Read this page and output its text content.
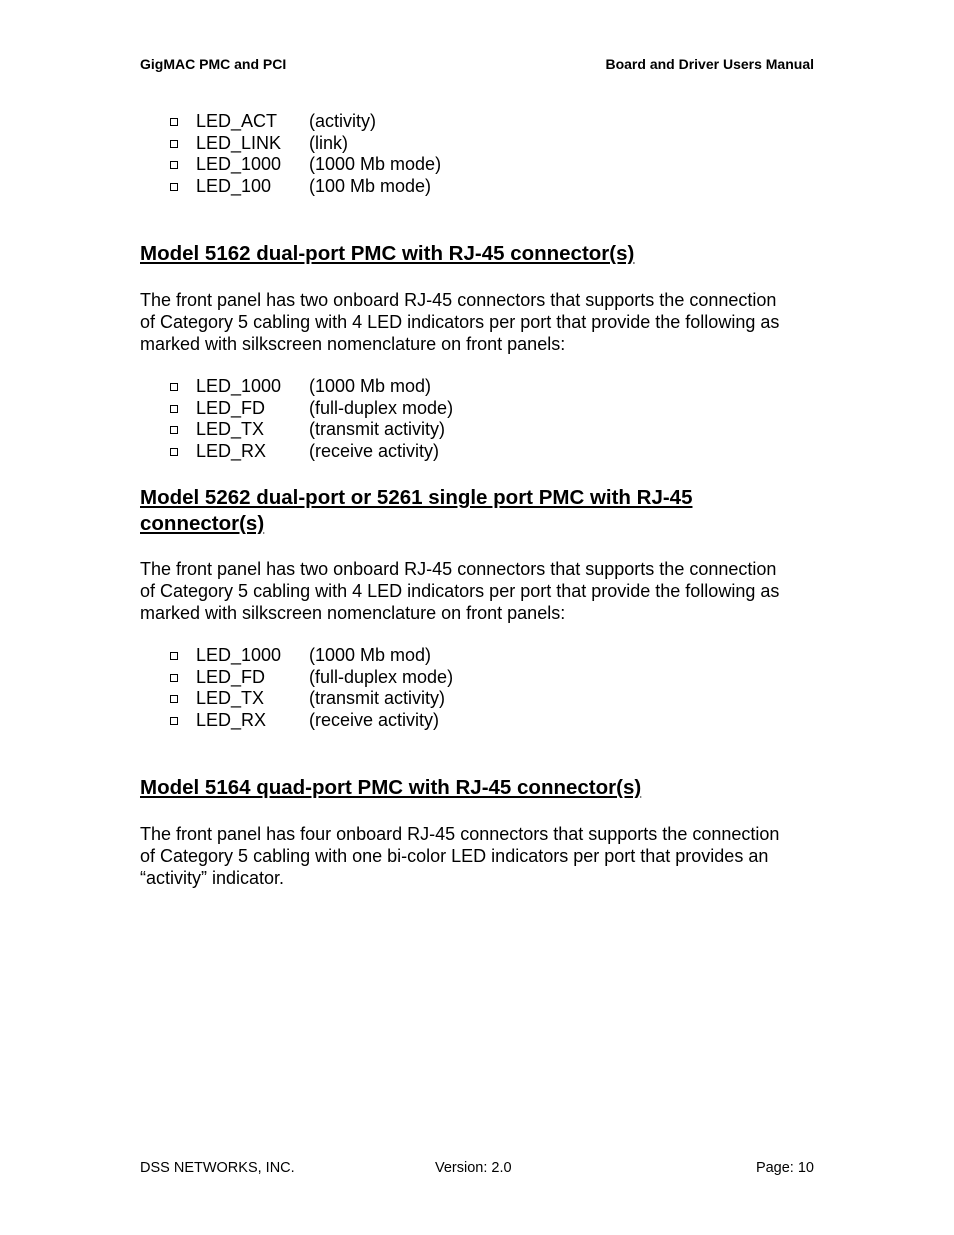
GigMAC PMC and PCI	Board and Driver Users Manual
LED_ACT (activity)
LED_LINK (link)
LED_1000 (1000 Mb mode)
LED_100 (100 Mb mode)
Model 5162 dual-port PMC with RJ-45 connector(s)

The front panel has two onboard RJ-45 connectors that supports the connection
of Category 5 cabling with 4 LED indicators per port that provide the following as
marked with silkscreen nomenclature on front panels:

LED_1000 (1000 Mb mod)
LED_FD (full-duplex mode)
LED_TX (transmit activity)
LED_RX (receive activity)
Model 5262 dual-port or 5261 single port PMC with RJ-45
connector(s)

The front panel has two onboard RJ-45 connectors that supports the connection
of Category 5 cabling with 4 LED indicators per port that provide the following as
marked with silkscreen nomenclature on front panels:

LED_1000 (1000 Mb mod)
LED_FD (full-duplex mode)
LED_TX (transmit activity)
LED_RX (receive activity)
Model 5164 quad-port PMC with RJ-45 connector(s)

The front panel has four onboard RJ-45 connectors that supports the connection
of Category 5 cabling with one bi-color LED indicators per port that provides an
“activity” indicator.

DSS NETWORKS, INC.	Version: 2.0	Page: 10
